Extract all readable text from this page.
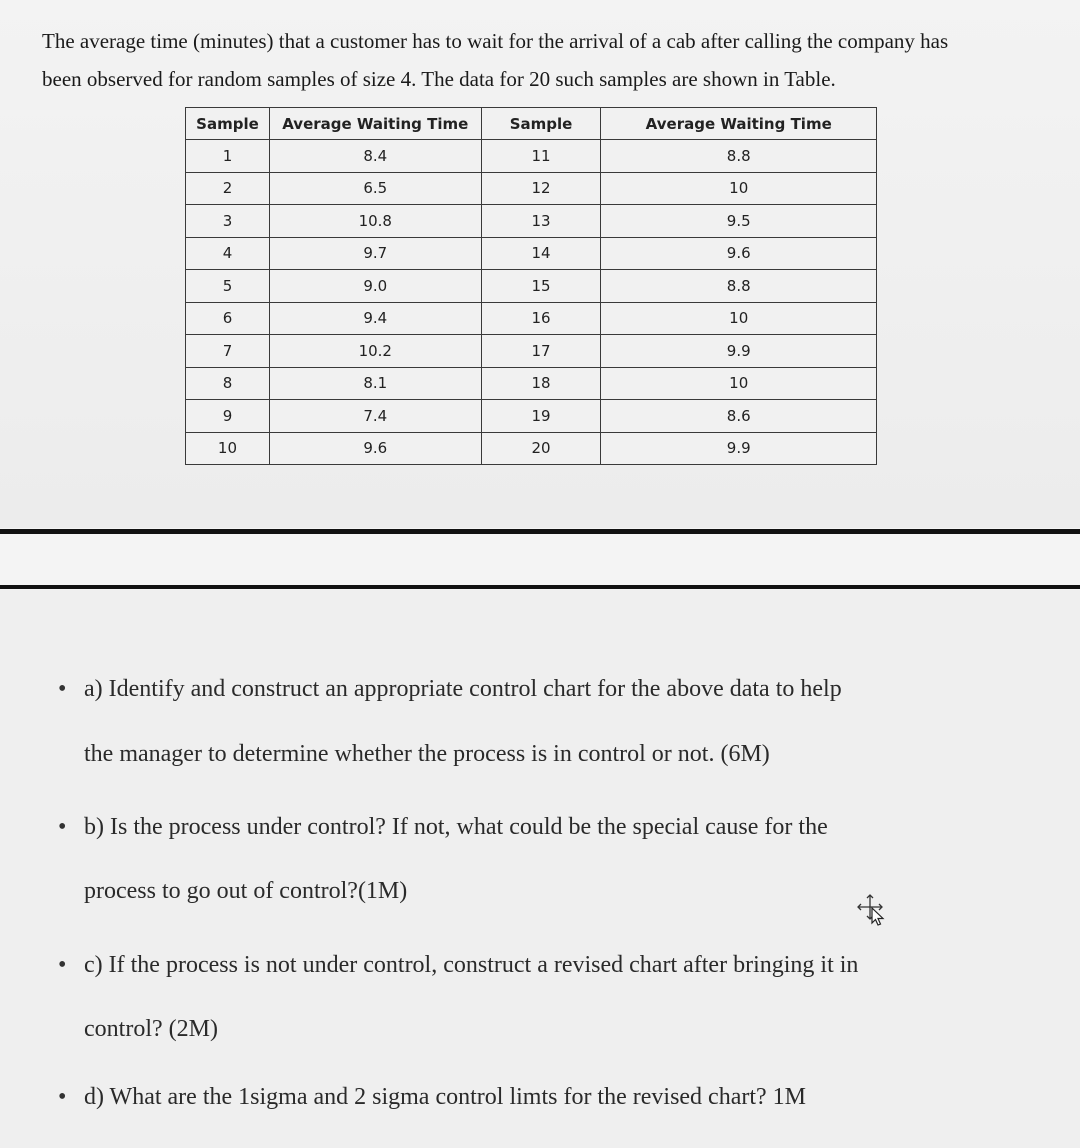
The average time (minutes) that a customer has to wait for the arrival of a cab after calling the company has
been observed for random samples of size 4. The data for 20 such samples are shown in Table.
Sample	Average Waiting Time	Sample	Average Waiting Time
1	8.4	11	8.8
2	6.5	12	10
3	10.8	13	9.5
4	9.7	14	9.6
5	9.0	15	8.8
6	9.4	16	10
7	10.2	17	9.9
8	8.1	18	10
9	7.4	19	8.6
10	9.6	20	9.9
• a) Identify and construct an appropriate control chart for the above data to help
the manager to determine whether the process is in control or not. (6M)
• b) Is the process under control? If not, what could be the special cause for the
process to go out of control?(1M)
• c) If the process is not under control, construct a revised chart after bringing it in
control? (2M)
• d) What are the 1sigma and 2 sigma control limts for the revised chart? 1M
